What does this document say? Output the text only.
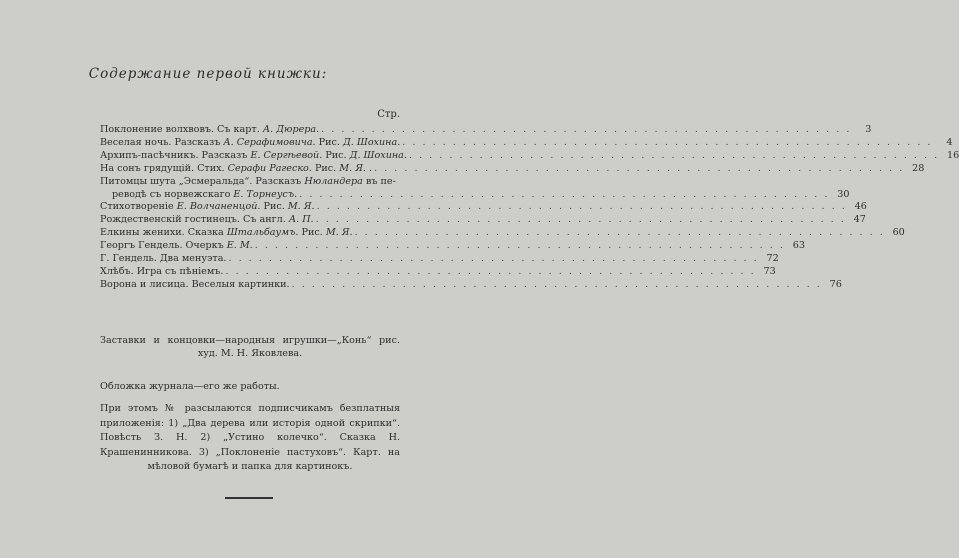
Содержание первой книжки:
Стр.
Поклонение волхвовъ. Съ карт. А. Дюрера. . . .	3
Веселая ночь. Разсказъ А. Серафимовича. Рис. Д. Шохина. . . .	4
Архипъ-пасѣчникъ. Разсказъ Е. Сергѣевой. Рис. Д. Шохина. . . .	16
На сонъ грядущій. Стих. Серафи Рагеско. Рис. М. Я. . . . .	28
Питомцы шута „Эсмеральда“. Разсказъ Нюландера въ пе-
реводѣ съ норвежскаго Е. Торнеусъ. . . .	30
Стихотвореніе Е. Волчаненцой. Рис. М. Я. . . .	46
Рождественскій гостинецъ. Съ англ. А. П. . . .	47
Елкины женихи. Сказка Штальбаумъ. Рис. М. Я. . . .	60
Георгъ Гендель. Очеркъ Е. М. . . .	63
Г. Гендель. Два менуэта. . . .	72
Хлѣбъ. Игра съ пѣніемъ. . . .	73
Ворона и лисица. Веселыя картинки. . . .	76
Заставки и концовки—народныя игрушки—„Конь“ рис. худ. М. Н. Яковлева.
Обложка журнала—его же работы.
При этомъ № разсылаются подписчикамъ безплатныя приложенія: 1) „Два дерева или исторія одной скрипки“. Повѣсть З. Н. 2) „Устино колечко“. Сказка Н. Крашенинникова. 3) „Поклоненіе пастуховъ“. Карт. на мѣловой бумагѣ и папка для картинокъ.
